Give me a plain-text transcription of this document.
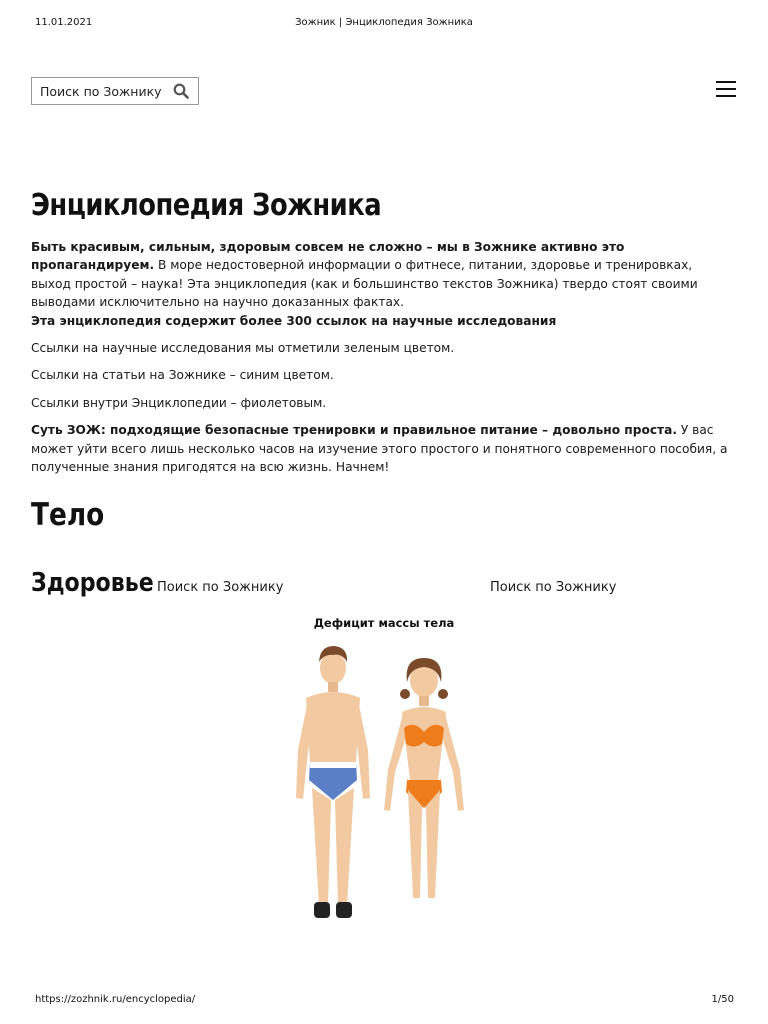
11.01.2021	Зожник | Энциклопедия Зожника
Поиск по Зожнику
Энциклопедия Зожника

Быть красивым, сильным, здоровым совсем не сложно – мы в Зожнике активно это пропагандируем. В море недостоверной информации о фитнесе, питании, здоровье и тренировках, выход простой – наука! Эта энциклопедия (как и большинство текстов Зожника) твердо стоят своими выводами исключительно на научно доказанных фактах.

Эта энциклопедия содержит более 300 ссылок на научные исследования

Ссылки на научные исследования мы отметили зеленым цветом.

Ссылки на статьи на Зожнике – синим цветом.

Ссылки внутри Энциклопедии – фиолетовым.

Суть ЗОЖ: подходящие безопасные тренировки и правильное питание – довольно проста. У вас может уйти всего лишь несколько часов на изучение этого простого и понятного современного пособия, а полученные знания пригодятся на всю жизнь. Начнем!

Тело
Здоровье Поиск по Зожнику	Поиск по Зожнику
Дефицит массы тела
https://zozhnik.ru/encyclopedia/	1/50
